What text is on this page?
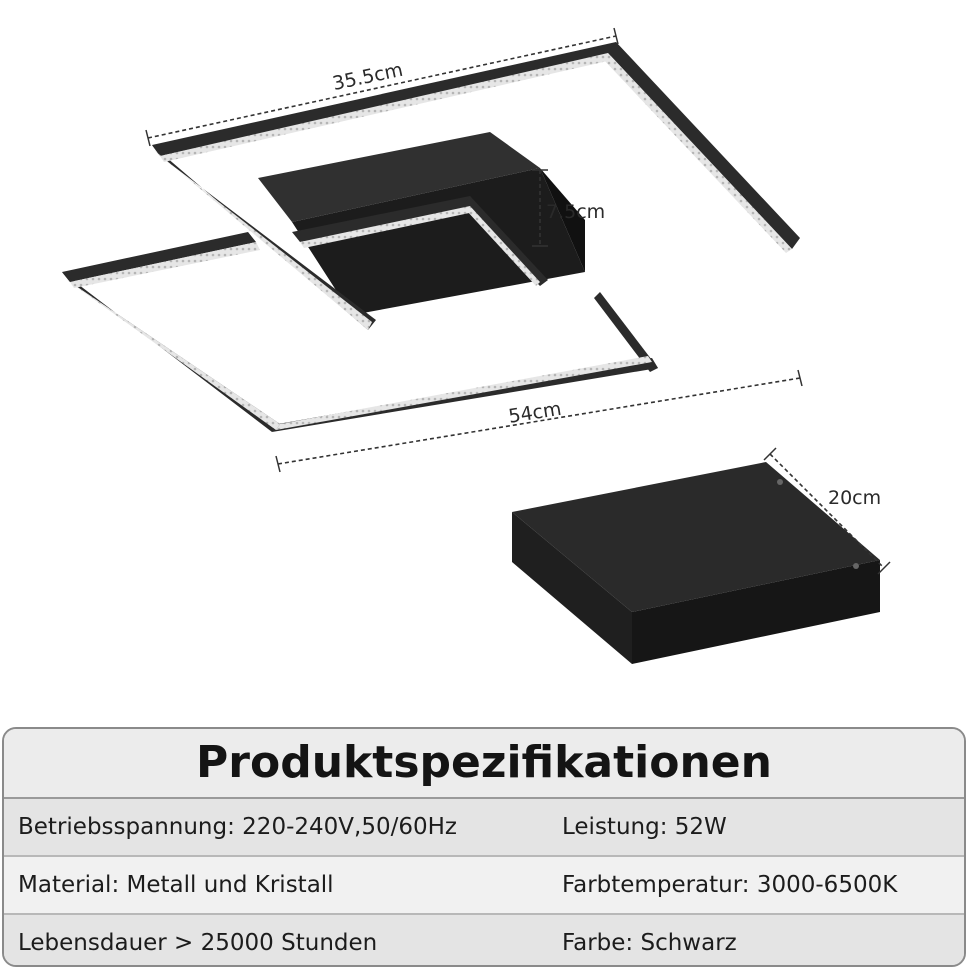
35.5cm
7.5cm
54cm
20cm
Produktspezifikationen
Betriebsspannung: 220-240V,50/60Hz	Leistung: 52W
Material: Metall und Kristall	Farbtemperatur: 3000-6500K
Lebensdauer > 25000 Stunden	Farbe: Schwarz
